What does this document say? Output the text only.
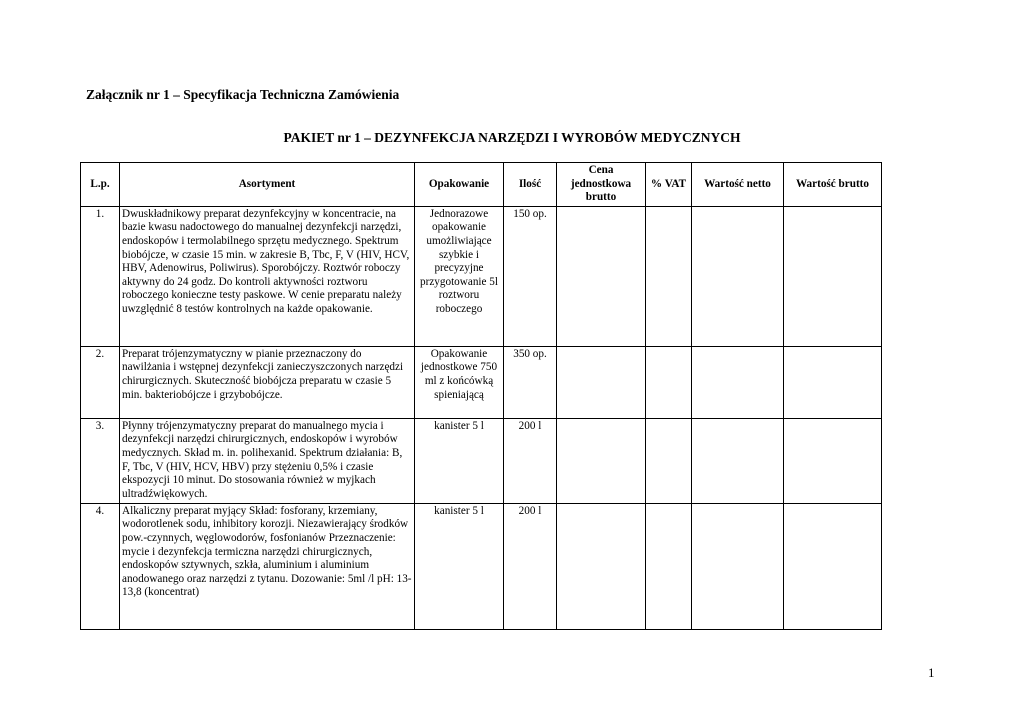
Załącznik nr 1 – Specyfikacja Techniczna Zamówienia
PAKIET nr 1 – DEZYNFEKCJA NARZĘDZI I WYROBÓW MEDYCZNYCH
L.p.	Asortyment	Opakowanie	Ilość	Cena jednostkowa brutto	% VAT	Wartość netto	Wartość brutto
1.	Dwuskładnikowy preparat dezynfekcyjny w koncentracie, na bazie kwasu nadoctowego do manualnej dezynfekcji narzędzi, endoskopów i termolabilnego sprzętu medycznego. Spektrum biobójcze, w czasie 15 min. w zakresie B, Tbc, F, V (HIV, HCV, HBV, Adenowirus, Poliwirus). Sporobójczy. Roztwór roboczy aktywny do 24 godz. Do kontroli aktywności roztworu roboczego konieczne testy paskowe. W cenie preparatu należy uwzględnić 8 testów kontrolnych na każde opakowanie.	Jednorazowe opakowanie umożliwiające szybkie i precyzyjne przygotowanie 5l roztworu roboczego	150 op.				
2.	Preparat trójenzymatyczny w pianie przeznaczony do nawilżania i wstępnej dezynfekcji zanieczyszczonych narzędzi chirurgicznych. Skuteczność biobójcza preparatu w czasie 5 min. bakteriobójcze i grzybobójcze.	Opakowanie jednostkowe 750 ml z końcówką spieniającą	350 op.				
3.	Płynny trójenzymatyczny preparat do manualnego mycia i dezynfekcji narzędzi chirurgicznych, endoskopów i wyrobów medycznych. Skład m. in. polihexanid. Spektrum działania: B, F, Tbc, V (HIV, HCV, HBV) przy stężeniu 0,5% i czasie ekspozycji 10 minut. Do stosowania również w myjkach ultradźwiękowych.	kanister 5 l	200 l				
4.	Alkaliczny preparat myjący Skład: fosforany, krzemiany, wodorotlenek sodu, inhibitory korozji. Niezawierający środków pow.-czynnych, węglowodorów, fosfonianów Przeznaczenie: mycie i dezynfekcja termiczna narzędzi chirurgicznych, endoskopów sztywnych, szkła, aluminium i aluminium anodowanego oraz narzędzi z tytanu. Dozowanie: 5ml /l pH: 13-13,8 (koncentrat)	kanister 5 l	200 l				
1
